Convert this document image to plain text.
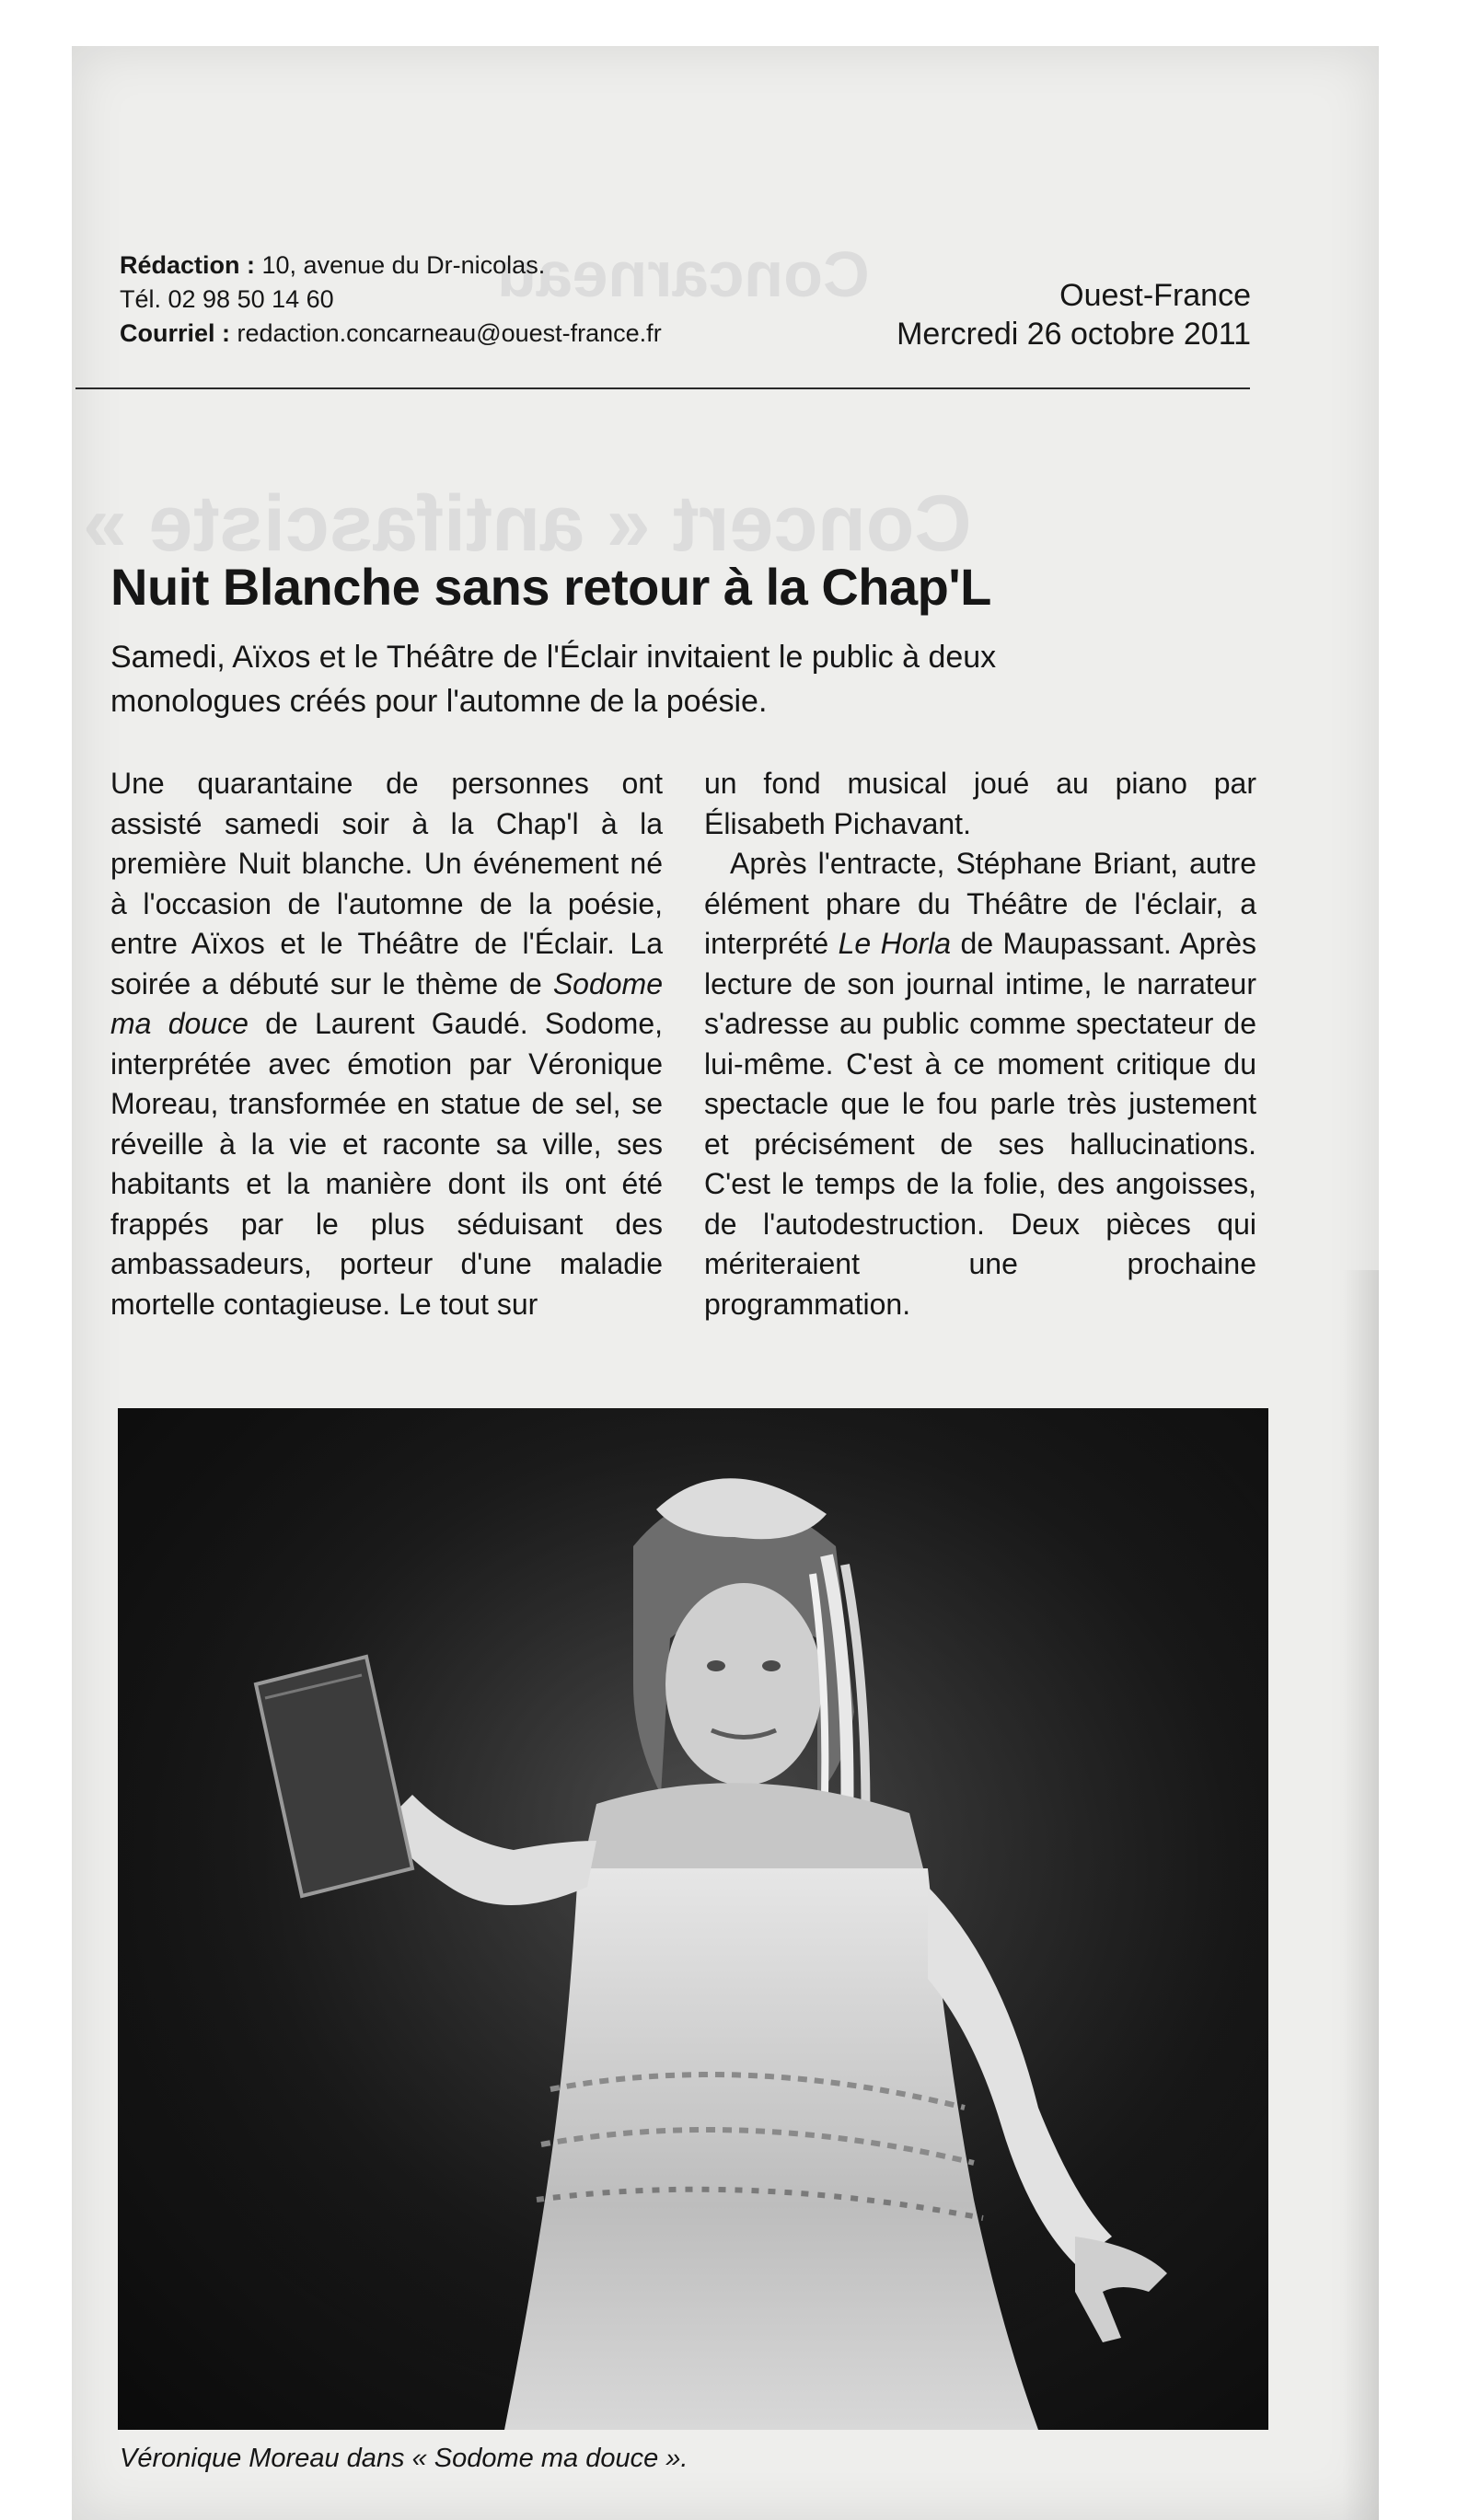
Concarneau
Concert « antifasciste »
Rédaction : 10, avenue du Dr-nicolas.
Tél. 02 98 50 14 60
Courriel : redaction.concarneau@ouest-france.fr
Ouest-France
Mercredi 26 octobre 2011
Nuit Blanche sans retour à la Chap'L
Samedi, Aïxos et le Théâtre de l'Éclair invitaient le public à deux monologues créés pour l'automne de la poésie.

Une quarantaine de personnes ont assisté samedi soir à la Chap'l à la première Nuit blanche. Un événement né à l'occasion de l'automne de la poésie, entre Aïxos et le Théâtre de l'Éclair. La soirée a débuté sur le thème de Sodome ma douce de Laurent Gaudé. Sodome, interprétée avec émotion par Véronique Moreau, transformée en statue de sel, se réveille à la vie et raconte sa ville, ses habitants et la manière dont ils ont été frappés par le plus séduisant des ambassadeurs, porteur d'une maladie mortelle contagieuse. Le tout sur

un fond musical joué au piano par Élisabeth Pichavant.

Après l'entracte, Stéphane Briant, autre élément phare du Théâtre de l'éclair, a interprété Le Horla de Maupassant. Après lecture de son journal intime, le narrateur s'adresse au public comme spectateur de lui-même. C'est à ce moment critique du spectacle que le fou parle très justement et précisément de ses hallucinations. C'est le temps de la folie, des angoisses, de l'autodestruction. Deux pièces qui mériteraient une prochaine programmation.

Véronique Moreau dans « Sodome ma douce ».
